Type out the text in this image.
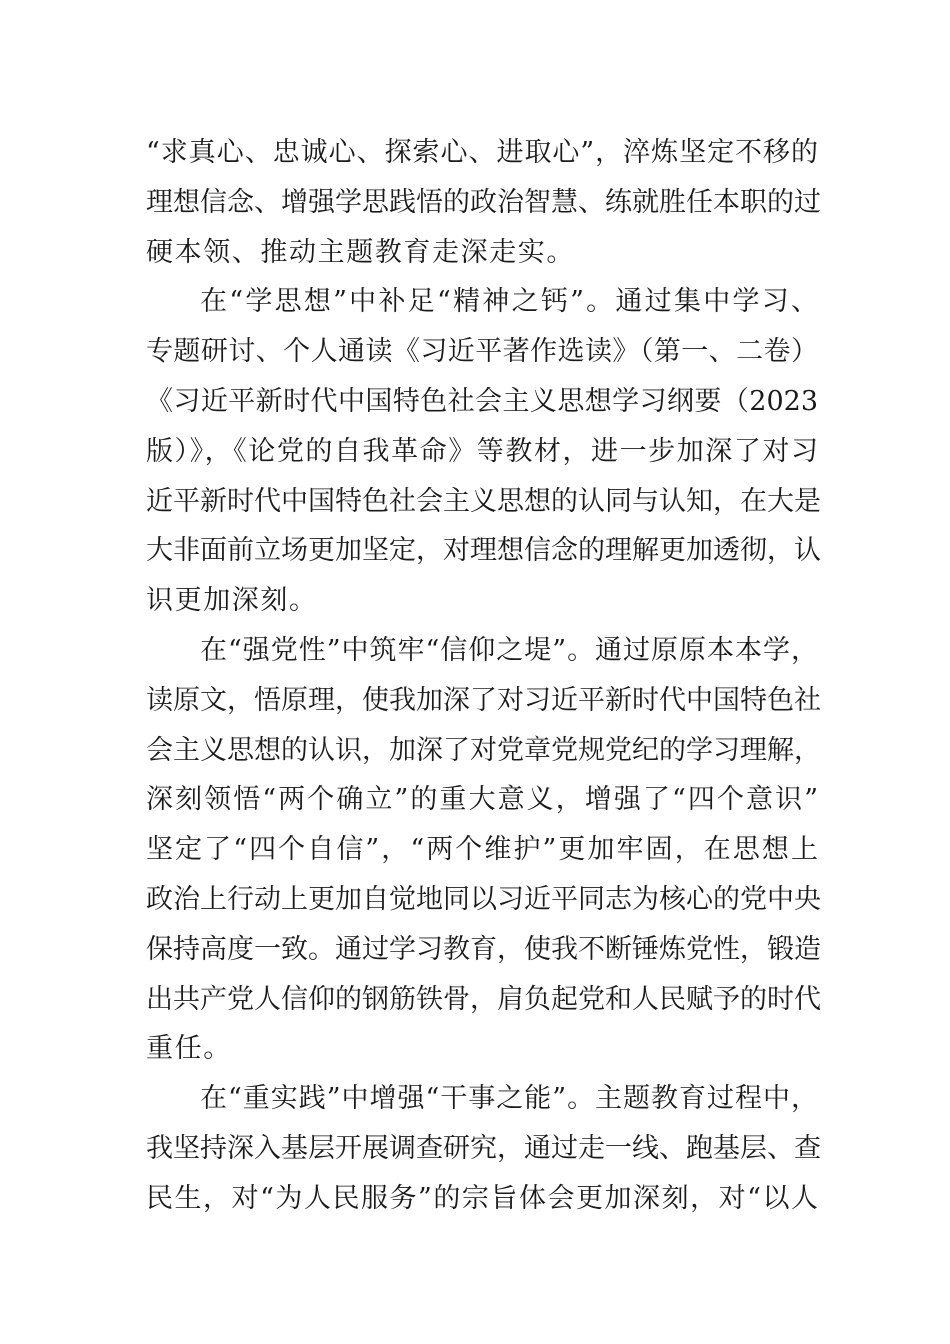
“求真心、忠诚心、探索心、进取心”，淬炼坚定不移的
理想信念、增强学思践悟的政治智慧、练就胜任本职的过
硬本领、推动主题教育走深走实。
在“学思想”中补足“精神之钙”。通过集中学习、
专题研讨、个人通读《习近平著作选读》（第一、二卷）
《习近平新时代中国特色社会主义思想学习纲要（2023
版）》，《论党的自我革命》等教材，进一步加深了对习
近平新时代中国特色社会主义思想的认同与认知，在大是
大非面前立场更加坚定，对理想信念的理解更加透彻，认
识更加深刻。
在“强党性”中筑牢“信仰之堤”。通过原原本本学，
读原文，悟原理，使我加深了对习近平新时代中国特色社
会主义思想的认识，加深了对党章党规党纪的学习理解，
深刻领悟“两个确立”的重大意义，增强了“四个意识”
坚定了“四个自信”，“两个维护”更加牢固，在思想上
政治上行动上更加自觉地同以习近平同志为核心的党中央
保持高度一致。通过学习教育，使我不断锤炼党性，锻造
出共产党人信仰的钢筋铁骨，肩负起党和人民赋予的时代
重任。
在“重实践”中增强“干事之能”。主题教育过程中，
我坚持深入基层开展调查研究，通过走一线、跑基层、查
民生，对“为人民服务”的宗旨体会更加深刻，对“以人
